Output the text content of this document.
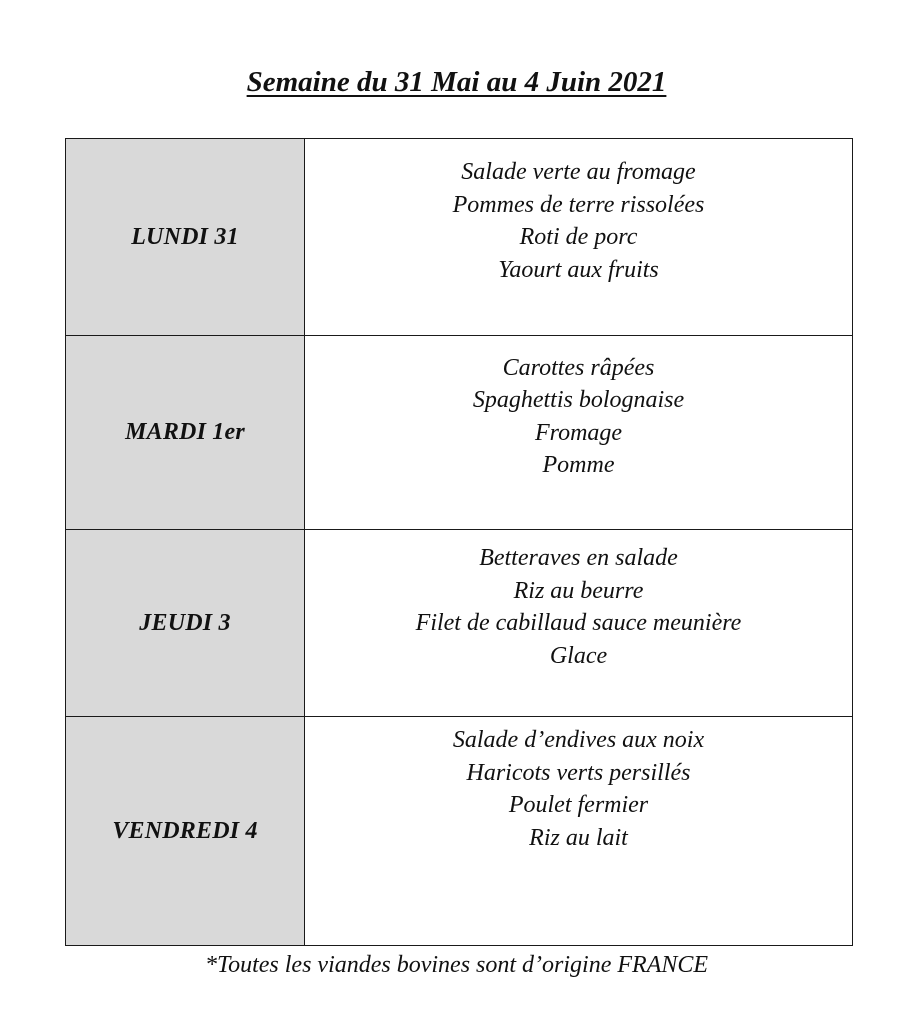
Semaine du 31 Mai au 4 Juin 2021
LUNDI 31	Salade verte au fromage
Pommes de terre rissolées
Roti de porc
Yaourt aux fruits

MARDI 1er	Carottes râpées
Spaghettis bolognaise
Fromage
Pomme

JEUDI 3	Betteraves en salade
Riz au beurre
Filet de cabillaud sauce meunière
Glace

VENDREDI 4	Salade d’endives aux noix
Haricots verts persillés
Poulet fermier
Riz au lait

*Toutes les viandes bovines sont d’origine FRANCE
